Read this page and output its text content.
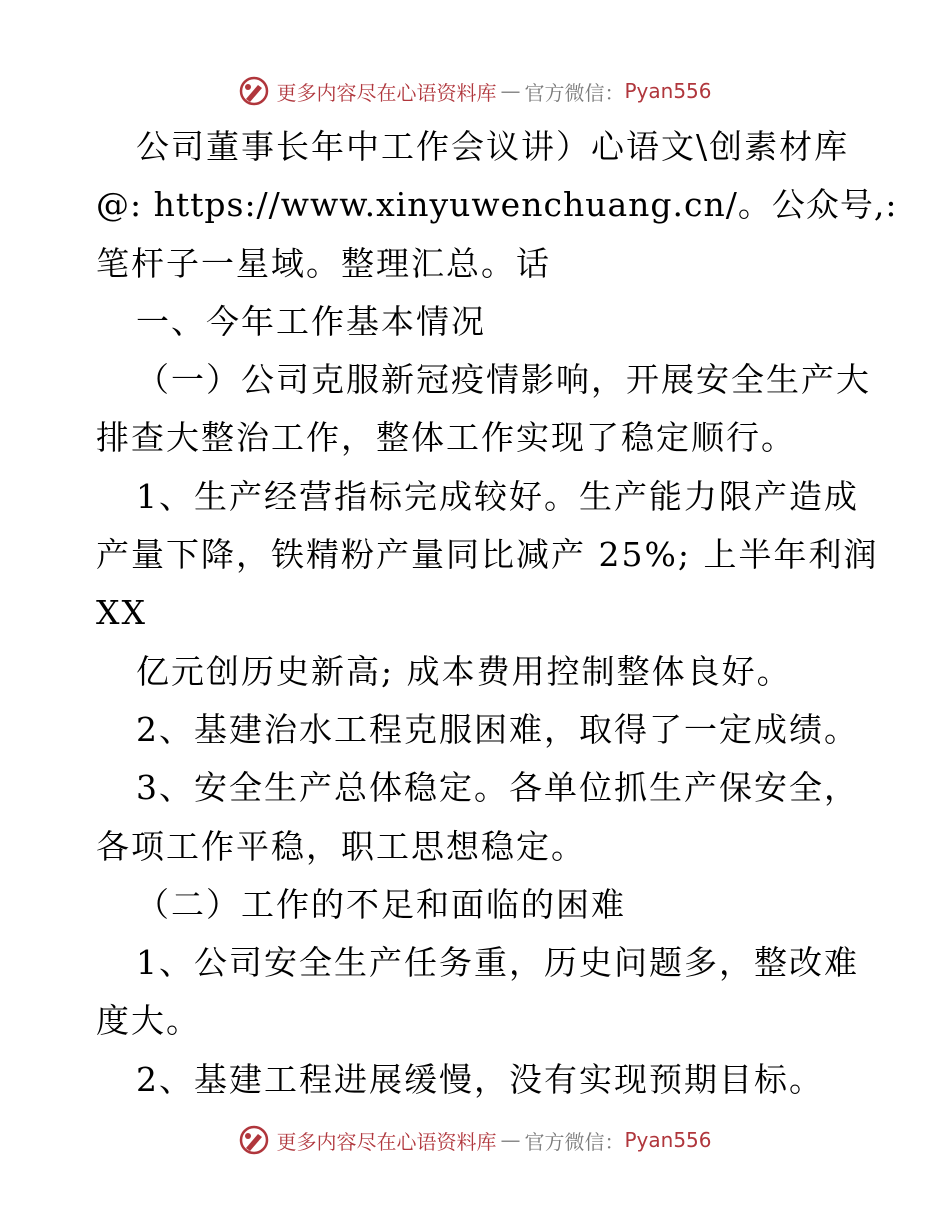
更多内容尽在心语资料库 — 官方微信： Pyan556
公司董事长年中工作会议讲）心语文\创素材库
@: https://www.xinyuwenchuang.cn/。公众号,:
笔杆子一星域。整理汇总。话
一、今年工作基本情况
（一）公司克服新冠疫情影响，开展安全生产大
排查大整治工作，整体工作实现了稳定顺行。
1、生产经营指标完成较好。生产能力限产造成
产量下降，铁精粉产量同比减产 25%; 上半年利润
XX
亿元创历史新高; 成本费用控制整体良好。
2、基建治水工程克服困难，取得了一定成绩。
3、安全生产总体稳定。各单位抓生产保安全，
各项工作平稳，职工思想稳定。
（二）工作的不足和面临的困难
1、公司安全生产任务重，历史问题多，整改难
度大。
2、基建工程进展缓慢，没有实现预期目标。
更多内容尽在心语资料库 — 官方微信： Pyan556
